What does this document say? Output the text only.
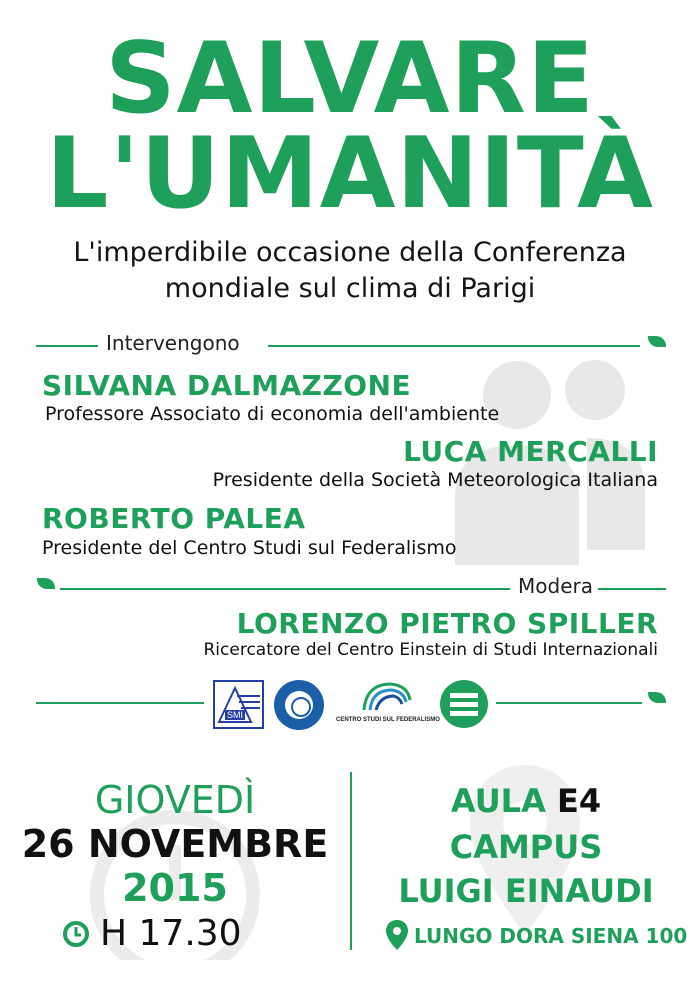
SALVARE
L'UMANITÀ
L'imperdibile occasione della Conferenza
mondiale sul clima di Parigi
Intervengono
SILVANA DALMAZZONE
Professore Associato di economia dell'ambiente
LUCA MERCALLI
Presidente della Società Meteorologica Italiana
ROBERTO PALEA
Presidente del Centro Studi sul Federalismo
Modera
LORENZO PIETRO SPILLER
Ricercatore del Centro Einstein di Studi Internazionali
SMI	CENTRO STUDI SUL FEDERALISMO
GIOVEDÌ
26 NOVEMBRE
2015
H 17.30
AULA E4
CAMPUS
LUIGI EINAUDI
LUNGO DORA SIENA 100
